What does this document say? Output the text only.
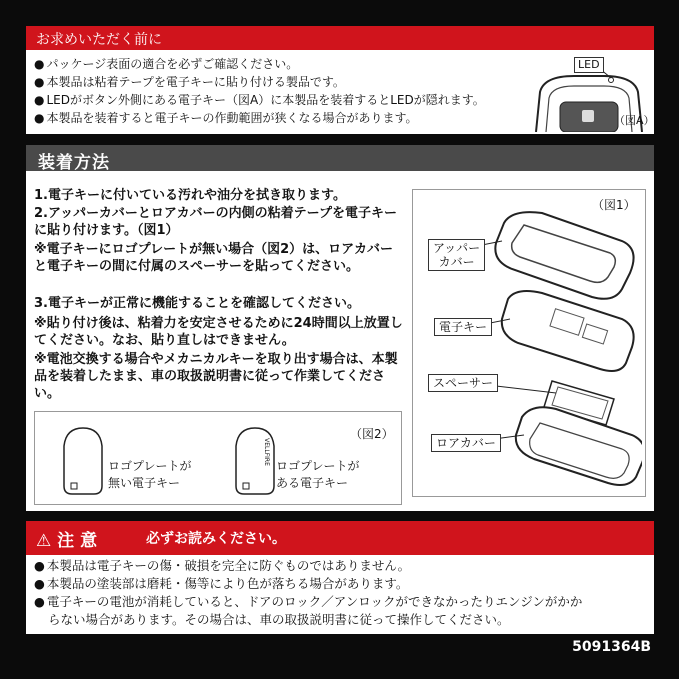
お求めいただく前に
● パッケージ表面の適合を必ずご確認ください。
● 本製品は粘着テープを電子キーに貼り付ける製品です。
● LEDがボタン外側にある電子キー（図A）に本製品を装着するとLEDが隠れます。
● 本製品を装着すると電子キーの作動範囲が狭くなる場合があります。
LED
（図A）
装着方法
1.電子キーに付いている汚れや油分を拭き取ります。
2.アッパーカバーとロアカバーの内側の粘着テープを電子キーに貼り付けます。（図1）
※電子キーにロゴプレートが無い場合（図2）は、ロアカバーと電子キーの間に付属のスペーサーを貼ってください。
3.電子キーが正常に機能することを確認してください。
※貼り付け後は、粘着力を安定させるために24時間以上放置してください。なお、貼り直しはできません。
※電池交換する場合やメカニカルキーを取り出す場合は、本製品を装着したまま、車の取扱説明書に従って作業してください。
（図1）
アッパー
カバー
電子キー
スペーサー
ロアカバー
（図2）
ロゴプレートが
無い電子キー
VELLFIRE
ロゴプレートが
ある電子キー
⚠ 注 意	必ずお読みください。
● 本製品は電子キーの傷・破損を完全に防ぐものではありません。
● 本製品の塗装部は磨耗・傷等により色が落ちる場合があります。
● 電子キーの電池が消耗していると、ドアのロック／アンロックができなかったりエンジンがかか
らない場合があります。その場合は、車の取扱説明書に従って操作してください。
5091364B
